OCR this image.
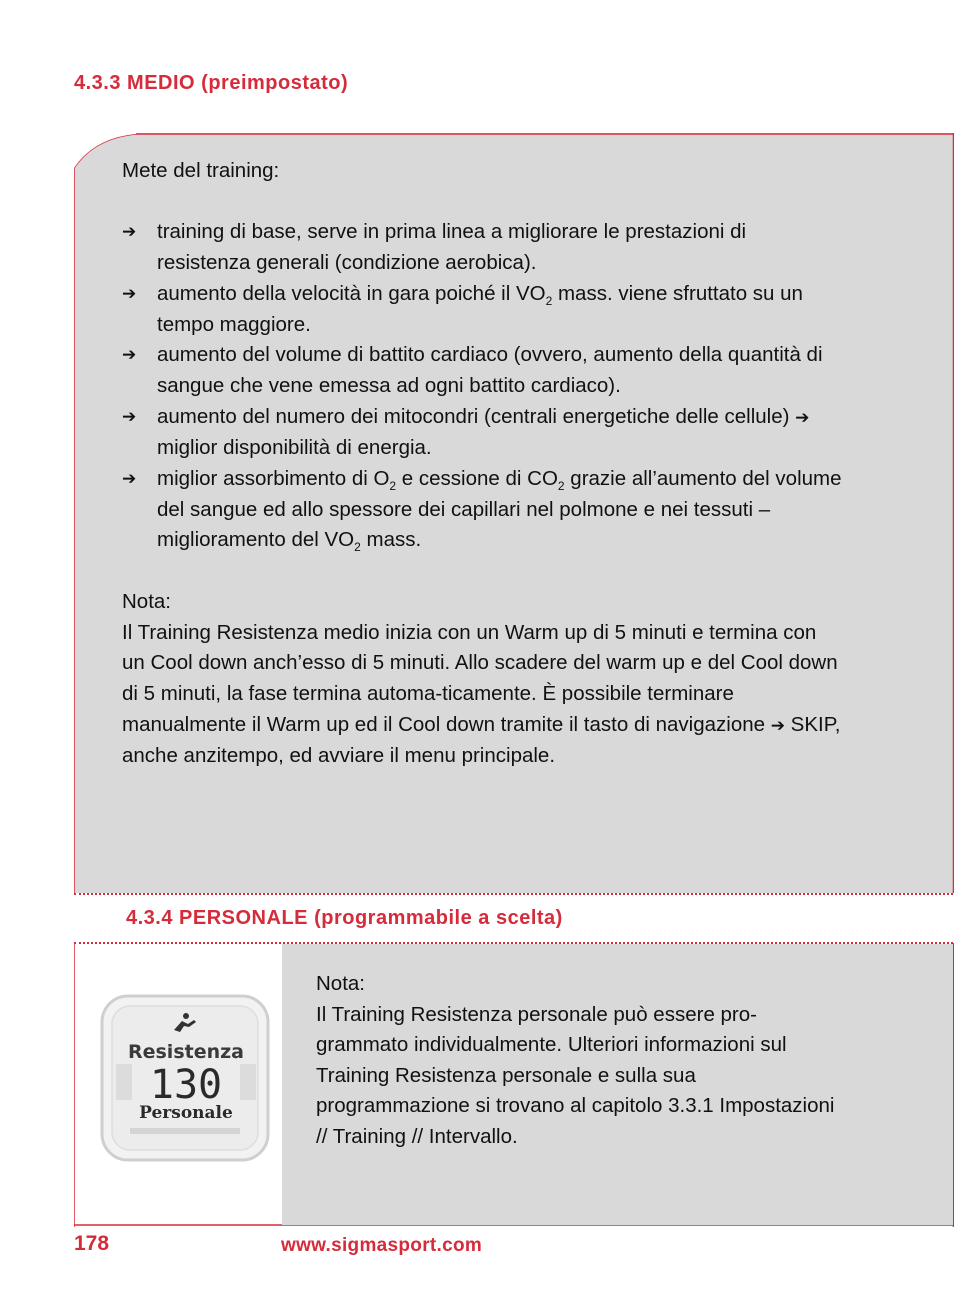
4.3.3 MEDIO (preimpostato)

Mete del training:

➔ training di base, serve in prima linea a migliorare le prestazioni di resistenza generali (condizione aerobica).
➔ aumento della velocità in gara poiché il $VO_2$ mass. viene sfruttato su un tempo maggiore.
➔ aumento del volume di battito cardiaco (ovvero, aumento della quantità di sangue che vene emessa ad ogni battito cardiaco).
➔ aumento del numero dei mitocondri (centrali energetiche delle cellule) ➔ miglior disponibilità di energia.
➔ miglior assorbimento di $O_2$ e cessione di $CO_2$ grazie all’aumento del volume del sangue ed allo spessore dei capillari nel polmone e nei tessuti – miglioramento del $VO_2$ mass.

Nota:

Il Training Resistenza medio inizia con un Warm up di 5 minuti e termina con un Cool down anch’esso di 5 minuti. Allo scadere del warm up e del Cool down di 5 minuti, la fase termina automa-ticamente. È possibile terminare manualmente il Warm up ed il Cool down tramite il tasto di navigazione ➔ SKIP, anche anzitempo, ed avviare il menu principale.

4.3.4 PERSONALE (programmabile a scelta)

Nota:

Il Training Resistenza personale può essere pro-grammato individualmente. Ulteriori informazioni sul Training Resistenza personale e sulla sua programmazione si trovano al capitolo 3.3.1 Impostazioni // Training // Intervallo.

Resistenza
130
Personale
178	www.sigmasport.com
